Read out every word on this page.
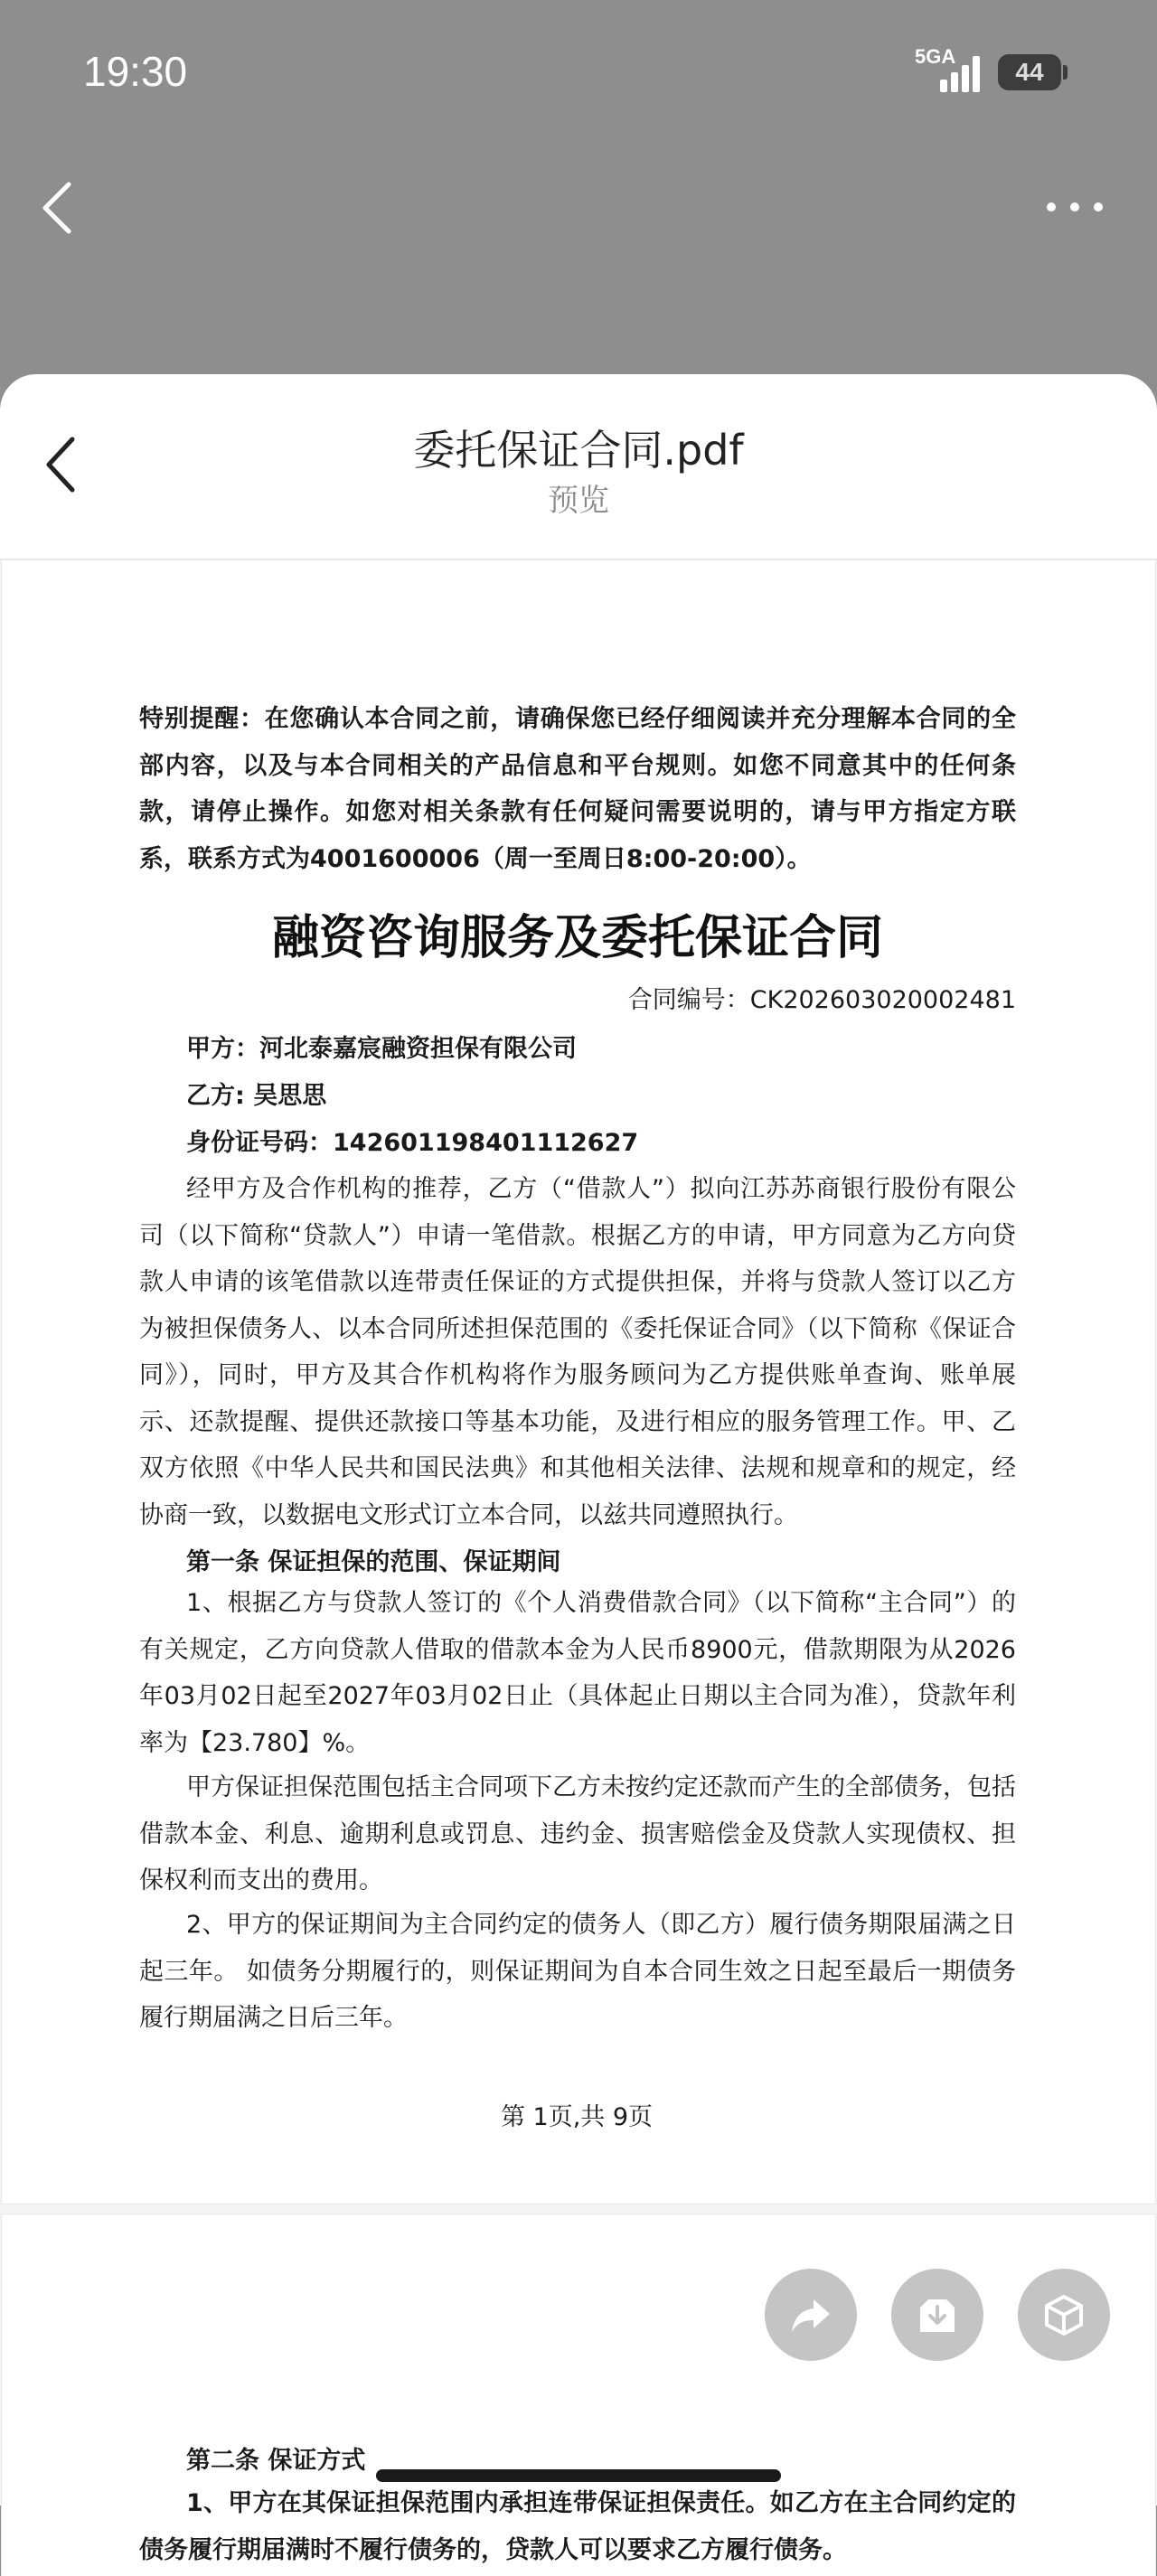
19:30	5GA
44
委托保证合同.pdf
预览

特别提醒：在您确认本合同之前，请确保您已经仔细阅读并充分理解本合同的全部内容，以及与本合同相关的产品信息和平台规则。如您不同意其中的任何条款，请停止操作。如您对相关条款有任何疑问需要说明的，请与甲方指定方联系，联系方式为4001600006（周一至周日8:00-20:00）。

融资咨询服务及委托保证合同
合同编号：CK202603020002481
甲方：河北泰嘉宸融资担保有限公司
乙方: 吴思思
身份证号码：142601198401112627

经甲方及合作机构的推荐，乙方（“借款人”）拟向江苏苏商银行股份有限公司（以下简称“贷款人”）申请一笔借款。根据乙方的申请，甲方同意为乙方向贷款人申请的该笔借款以连带责任保证的方式提供担保，并将与贷款人签订以乙方为被担保债务人、以本合同所述担保范围的《委托保证合同》（以下简称《保证合同》），同时，甲方及其合作机构将作为服务顾问为乙方提供账单查询、账单展示、还款提醒、提供还款接口等基本功能，及进行相应的服务管理工作。甲、乙双方依照《中华人民共和国民法典》和其他相关法律、法规和规章和的规定，经协商一致，以数据电文形式订立本合同，以兹共同遵照执行。

第一条 保证担保的范围、保证期间

1、根据乙方与贷款人签订的《个人消费借款合同》（以下简称“主合同”）的有关规定，乙方向贷款人借取的借款本金为人民币8900元，借款期限为从2026年03月02日起至2027年03月02日止（具体起止日期以主合同为准），贷款年利率为【23.780】%。

甲方保证担保范围包括主合同项下乙方未按约定还款而产生的全部债务，包括借款本金、利息、逾期利息或罚息、违约金、损害赔偿金及贷款人实现债权、担保权利而支出的费用。

2、甲方的保证期间为主合同约定的债务人（即乙方）履行债务期限届满之日起三年。 如债务分期履行的，则保证期间为自本合同生效之日起至最后一期债务履行期届满之日后三年。

第 1页,共 9页
第二条 保证方式

1、甲方在其保证担保范围内承担连带保证担保责任。如乙方在主合同约定的债务履行期届满时不履行债务的，贷款人可以要求乙方履行债务。
